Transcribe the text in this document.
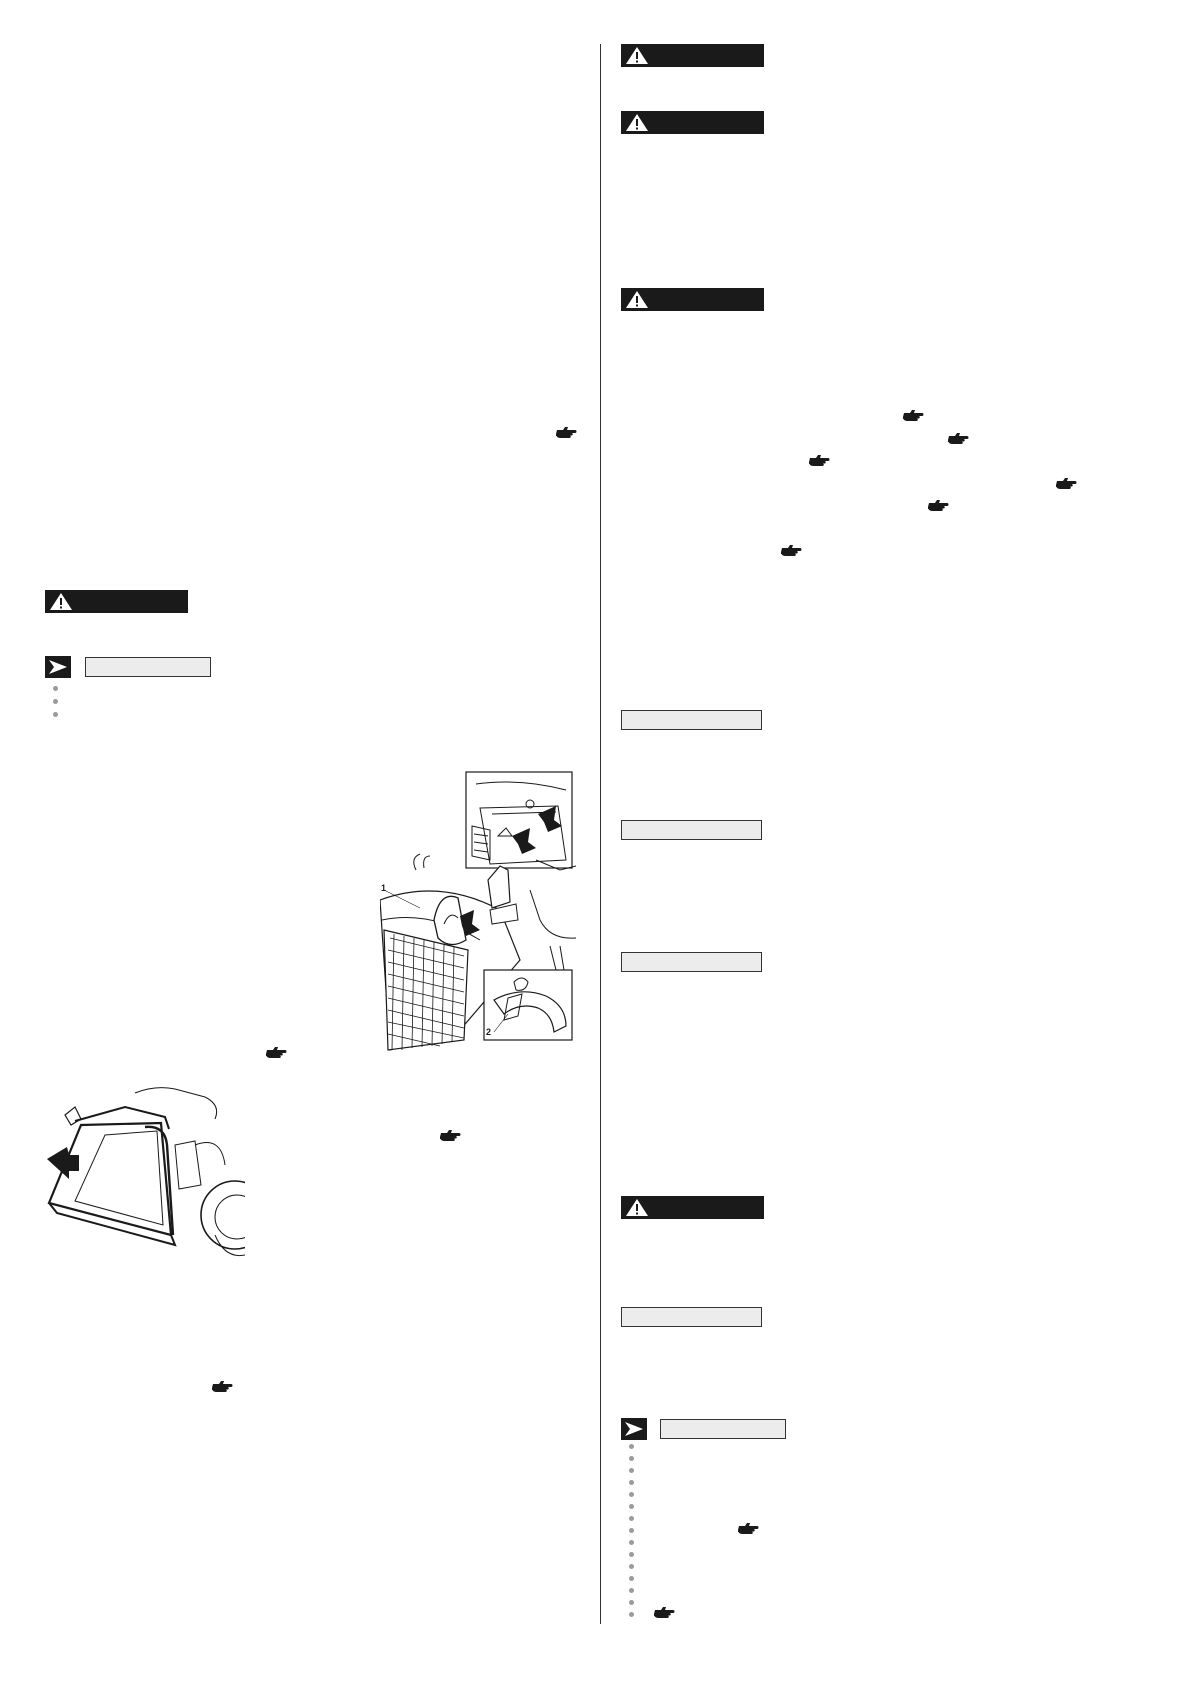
1
2
